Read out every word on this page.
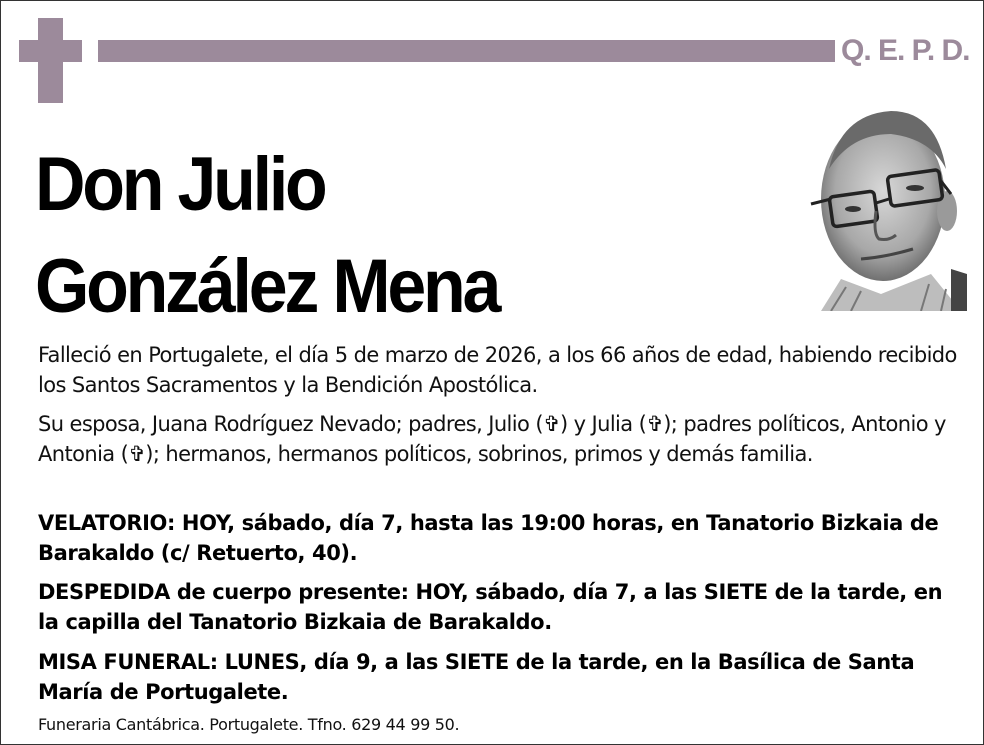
Q. E. P. D.
Don Julio
González Mena
Falleció en Portugalete, el día 5 de marzo de 2026, a los 66 años de edad, habiendo recibido los Santos Sacramentos y la Bendición Apostólica.
Su esposa, Juana Rodríguez Nevado; padres, Julio (✞) y Julia (✞); padres políticos, Antonio y Antonia (✞); hermanos, hermanos políticos, sobrinos, primos y demás familia.
VELATORIO: HOY, sábado, día 7, hasta las 19:00 horas, en Tanatorio Bizkaia de Barakaldo (c/ Retuerto, 40).
DESPEDIDA de cuerpo presente: HOY, sábado, día 7, a las SIETE de la tarde, en la capilla del Tanatorio Bizkaia de Barakaldo.
MISA FUNERAL: LUNES, día 9, a las SIETE de la tarde, en la Basílica de Santa María de Portugalete.
Funeraria Cantábrica. Portugalete. Tfno. 629 44 99 50.
